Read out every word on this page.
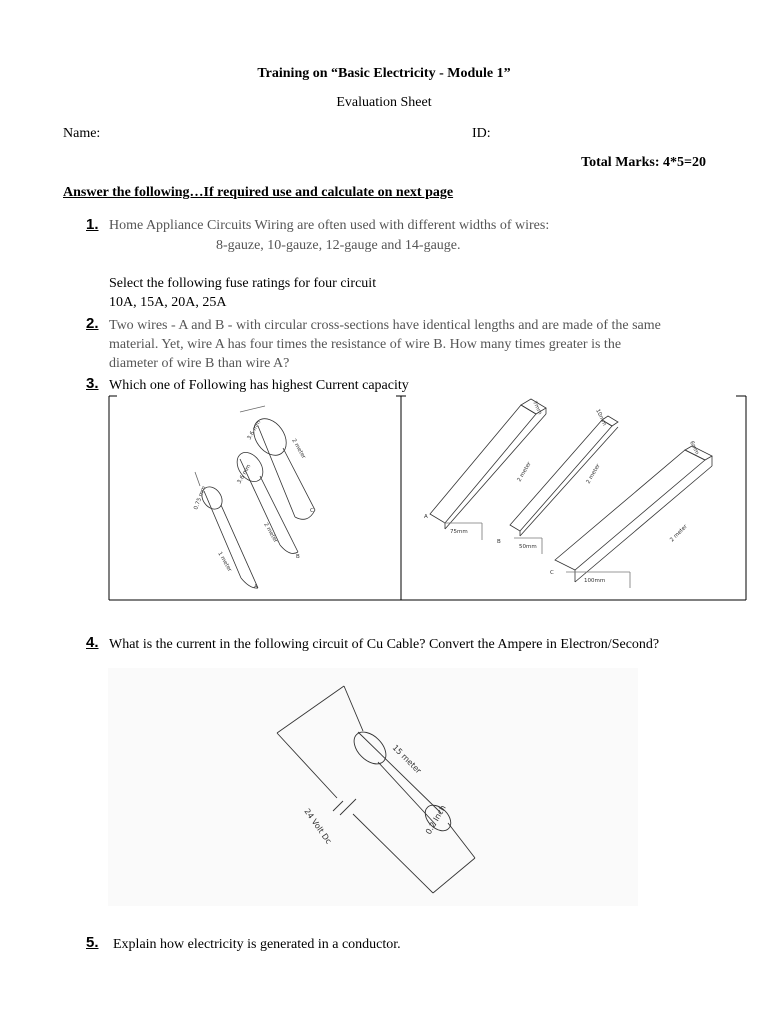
Training on “Basic Electricity - Module 1”
Evaluation Sheet
Name:	ID:
Total Marks: 4*5=20
Answer the following…If required use and calculate on next page
1. Home Appliance Circuits Wiring are often used with different widths of wires:
8-gauze, 10-gauze, 12-gauge and 14-gauge.
Select the following fuse ratings for four circuit
10A, 15A, 20A, 25A
2. Two wires - A and B - with circular cross-sections have identical lengths and are made of the same
material. Yet, wire A has four times the resistance of wire B. How many times greater is the
diameter of wire B than wire A?
3. Which one of Following has highest Current capacity
3.6 mm
2 meter
3.6 mm
2 meter
0.75 mm
1 meter
A
B
C
7mm
10mm
6mm
2 meter	2 meter
2 meter
A
B
C
75mm
50mm
100mm
4. What is the current in the following circuit of Cu Cable? Convert the Ampere in Electron/Second?
15 meter
0.2 Inch
24 Volt Dc
5. Explain how electricity is generated in a conductor.
